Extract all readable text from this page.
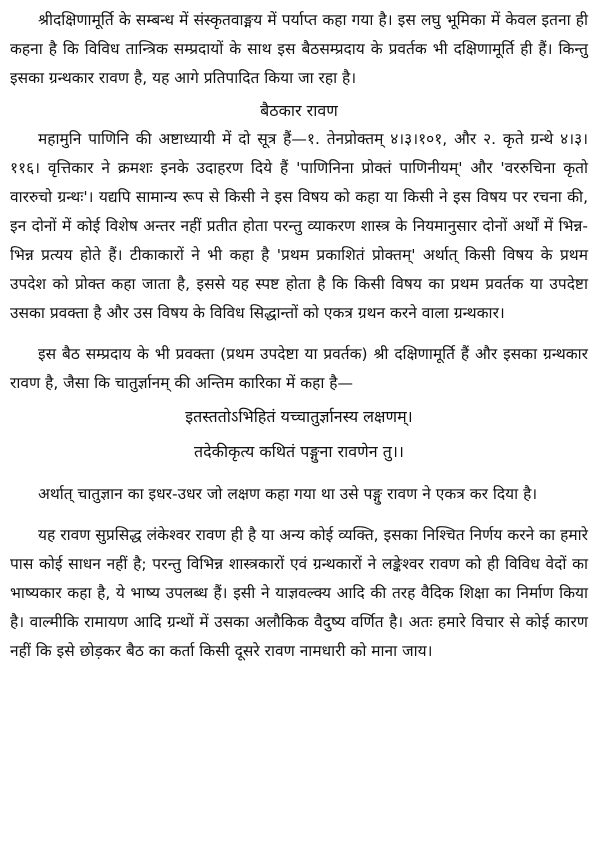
श्रीदक्षिणामूर्ति के सम्बन्ध में संस्कृतवाङ्मय में पर्याप्त कहा गया है। इस लघु भूमिका में केवल इतना ही कहना है कि विविध तान्त्रिक सम्प्रदायों के साथ इस बैठसम्प्रदाय के प्रवर्तक भी दक्षिणामूर्ति ही हैं। किन्तु इसका ग्रन्थकार रावण है, यह आगे प्रतिपादित किया जा रहा है।

बैठकार रावण

महामुनि पाणिनि की अष्टाध्यायी में दो सूत्र हैं—१. तेनप्रोक्तम् ४।३।१०१, और २. कृते ग्रन्थे ४।३।११६। वृत्तिकार ने क्रमशः इनके उदाहरण दिये हैं 'पाणिनिना प्रोक्तं पाणिनीयम्' और 'वररुचिना कृतो वाररुचो ग्रन्थः'। यद्यपि सामान्य रूप से किसी ने इस विषय को कहा या किसी ने इस विषय पर रचना की, इन दोनों में कोई विशेष अन्तर नहीं प्रतीत होता परन्तु व्याकरण शास्त्र के नियमानुसार दोनों अर्थों में भिन्न-भिन्न प्रत्यय होते हैं। टीकाकारों ने भी कहा है 'प्रथम प्रकाशितं प्रोक्तम्' अर्थात् किसी विषय के प्रथम उपदेश को प्रोक्त कहा जाता है, इससे यह स्पष्ट होता है कि किसी विषय का प्रथम प्रवर्तक या उपदेष्टा उसका प्रवक्ता है और उस विषय के विविध सिद्धान्तों को एकत्र ग्रथन करने वाला ग्रन्थकार।

इस बैठ सम्प्रदाय के भी प्रवक्ता (प्रथम उपदेष्टा या प्रवर्तक) श्री दक्षिणामूर्ति हैं और इसका ग्रन्थकार रावण है, जैसा कि चातुर्ज्ञानम् की अन्तिम कारिका में कहा है—

इतस्ततोऽभिहितं यच्चातुर्ज्ञानस्य लक्षणम्।
तदेकीकृत्य कथितं पङ्गुना रावणेन तु।।

अर्थात् चातुज्ञान का इधर-उधर जो लक्षण कहा गया था उसे पङ्गु रावण ने एकत्र कर दिया है।

यह रावण सुप्रसिद्ध लंकेश्वर रावण ही है या अन्य कोई व्यक्ति, इसका निश्चित निर्णय करने का हमारे पास कोई साधन नहीं है; परन्तु विभिन्न शास्त्रकारों एवं ग्रन्थकारों ने लङ्केश्वर रावण को ही विविध वेदों का भाष्यकार कहा है, ये भाष्य उपलब्ध हैं। इसी ने याज्ञवल्क्य आदि की तरह वैदिक शिक्षा का निर्माण किया है। वाल्मीकि रामायण आदि ग्रन्थों में उसका अलौकिक वैदुष्य वर्णित है। अतः हमारे विचार से कोई कारण नहीं कि इसे छोड़कर बैठ का कर्ता किसी दूसरे रावण नामधारी को माना जाय।
